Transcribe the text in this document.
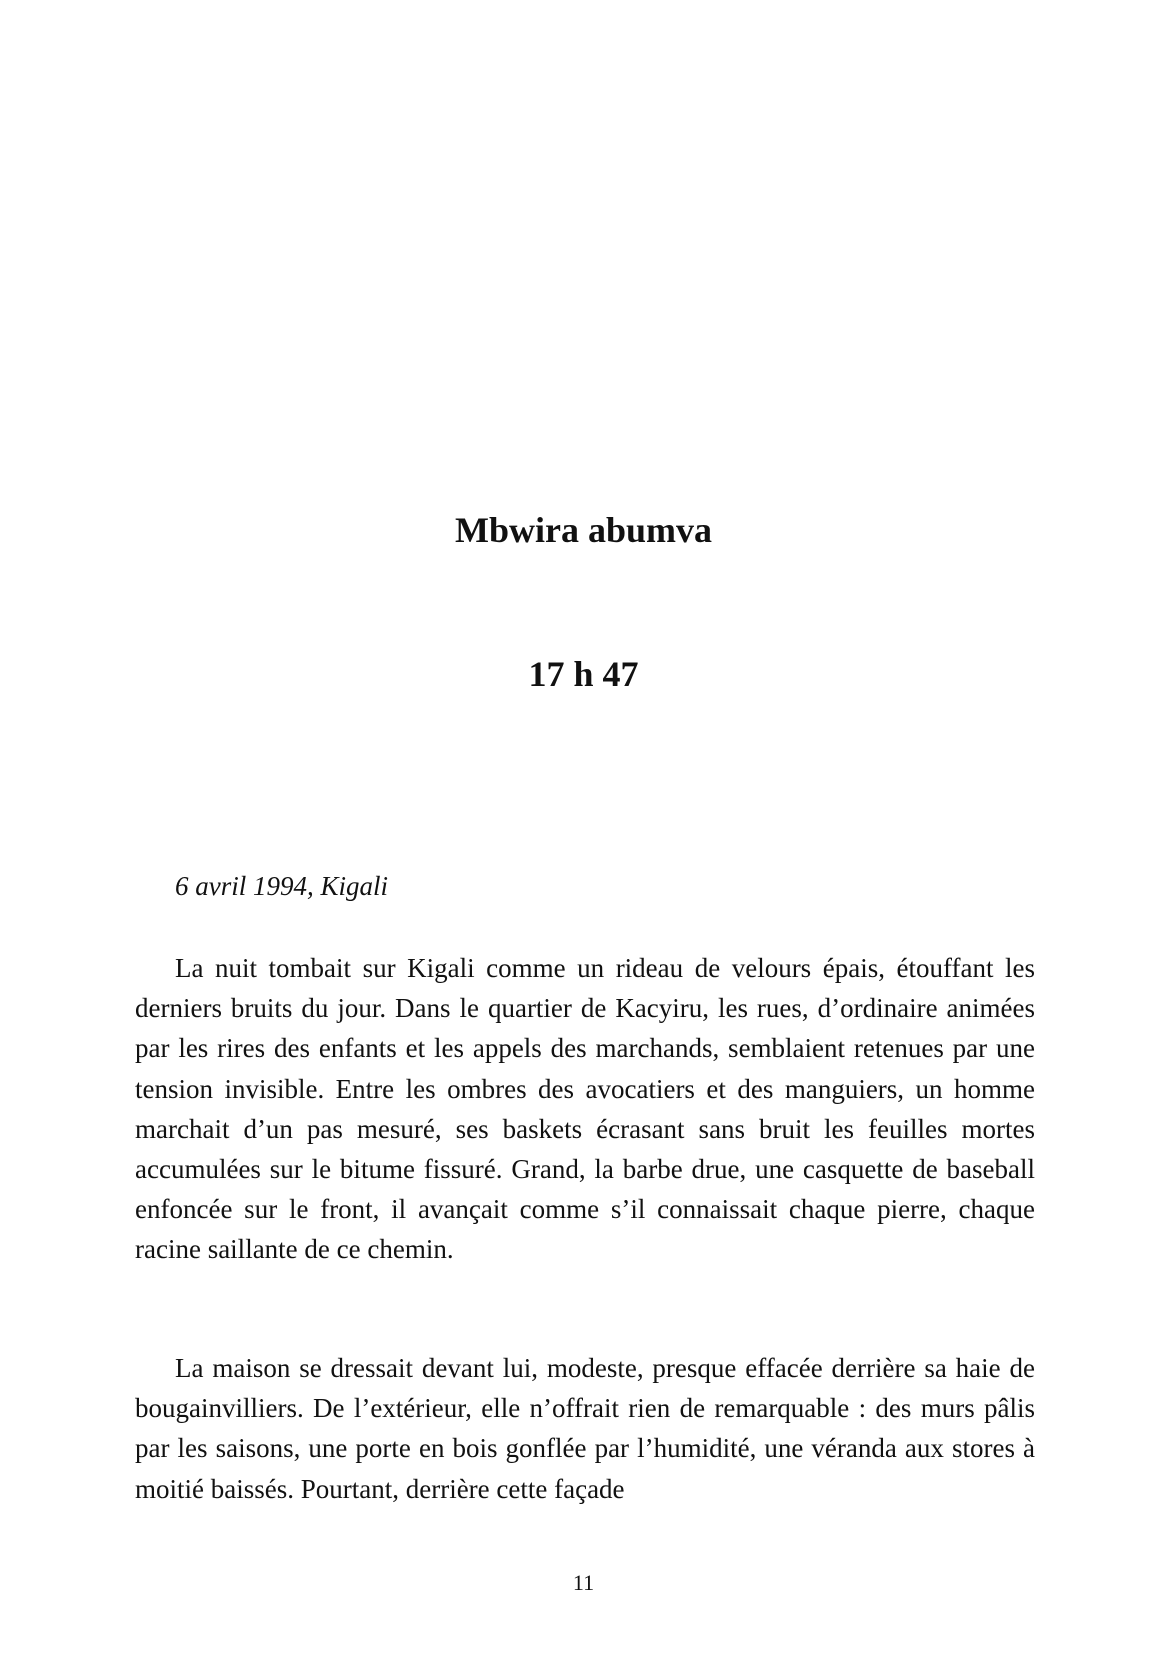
Mbwira abumva
17 h 47

6 avril 1994, Kigali

La nuit tombait sur Kigali comme un rideau de velours épais, étouffant les derniers bruits du jour. Dans le quartier de Kacyiru, les rues, d’ordinaire animées par les rires des enfants et les appels des marchands, semblaient retenues par une tension invisible. Entre les ombres des avocatiers et des manguiers, un homme marchait d’un pas mesuré, ses baskets écrasant sans bruit les feuilles mortes accumulées sur le bitume fissuré. Grand, la barbe drue, une casquette de baseball enfoncée sur le front, il avançait comme s’il connaissait chaque pierre, chaque racine saillante de ce chemin.

La maison se dressait devant lui, modeste, presque effacée derrière sa haie de bougainvilliers. De l’extérieur, elle n’offrait rien de remarquable : des murs pâlis par les saisons, une porte en bois gonflée par l’humidité, une véranda aux stores à moitié baissés. Pourtant, derrière cette façade

11
